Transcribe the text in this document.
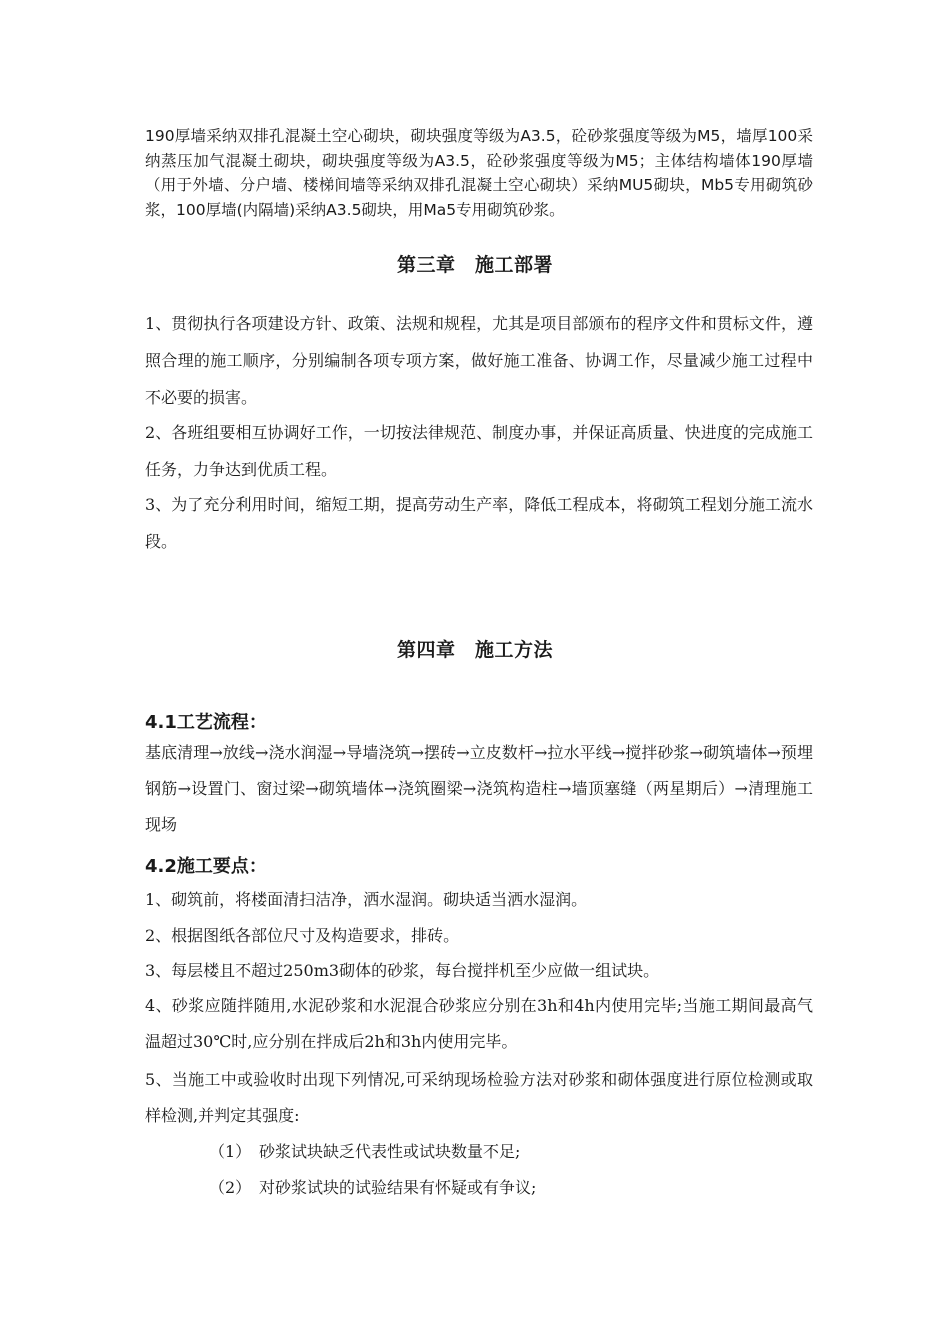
190厚墙采纳双排孔混凝土空心砌块，砌块强度等级为A3.5，砼砂浆强度等级为M5，墙厚100采纳蒸压加气混凝土砌块，砌块强度等级为A3.5，砼砂浆强度等级为M5；主体结构墙体190厚墙（用于外墙、分户墙、楼梯间墙等采纳双排孔混凝土空心砌块）采纳MU5砌块，Mb5专用砌筑砂浆，100厚墙(内隔墙)采纳A3.5砌块，用Ma5专用砌筑砂浆。
第三章　施工部署
1、贯彻执行各项建设方针、政策、法规和规程，尤其是项目部颁布的程序文件和贯标文件，遵照合理的施工顺序，分别编制各项专项方案，做好施工准备、协调工作，尽量减少施工过程中不必要的损害。
2、各班组要相互协调好工作，一切按法律规范、制度办事，并保证高质量、快进度的完成施工任务，力争达到优质工程。
3、为了充分利用时间，缩短工期，提高劳动生产率，降低工程成本，将砌筑工程划分施工流水段。
第四章　施工方法
4.1工艺流程：
基底清理→放线→浇水润湿→导墙浇筑→摆砖→立皮数杆→拉水平线→搅拌砂浆→砌筑墙体→预埋钢筋→设置门、窗过梁→砌筑墙体→浇筑圈梁→浇筑构造柱→墙顶塞缝（两星期后）→清理施工现场
4.2施工要点：
1、砌筑前，将楼面清扫洁净，洒水湿润。砌块适当洒水湿润。
2、根据图纸各部位尺寸及构造要求，排砖。
3、每层楼且不超过250m3砌体的砂浆，每台搅拌机至少应做一组试块。
4、砂浆应随拌随用,水泥砂浆和水泥混合砂浆应分别在3h和4h内使用完毕;当施工期间最高气温超过30℃时,应分别在拌成后2h和3h内使用完毕。
5、当施工中或验收时出现下列情况,可采纳现场检验方法对砂浆和砌体强度进行原位检测或取样检测,并判定其强度:
（1） 砂浆试块缺乏代表性或试块数量不足;
（2） 对砂浆试块的试验结果有怀疑或有争议;
